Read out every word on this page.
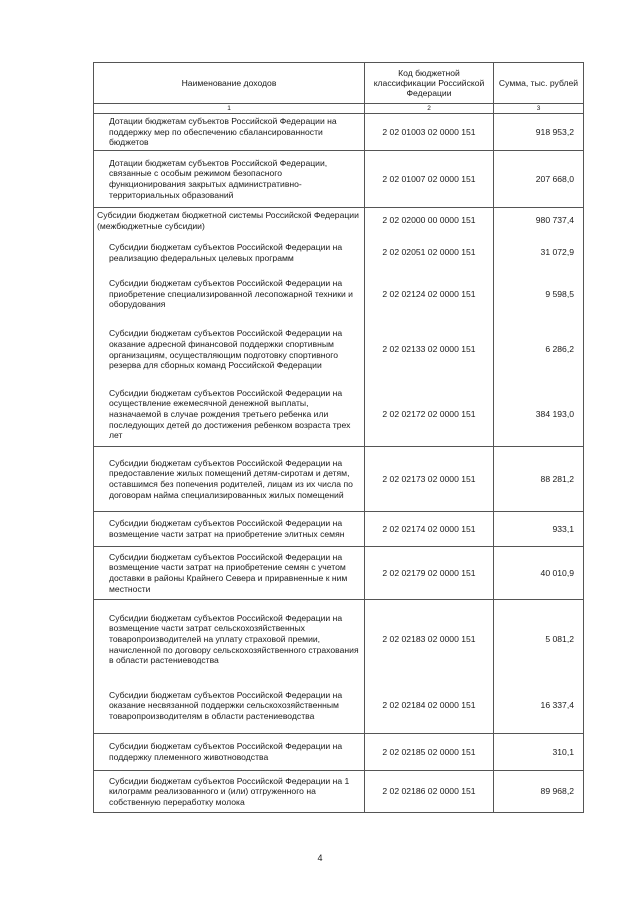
Наименование доходов	Код бюджетной классификации Российской Федерации	Сумма, тыс. рублей
1	2	3
Дотации бюджетам субъектов Российской Федерации на поддержку мер по обеспечению сбалансированности бюджетов	2 02 01003 02 0000 151	918 953,2
Дотации бюджетам субъектов Российской Федерации, связанные с особым режимом безопасного функционирования закрытых административно-территориальных образований	2 02 01007 02 0000 151	207 668,0
Субсидии бюджетам бюджетной системы Российской Федерации (межбюджетные субсидии)	2 02 02000 00 0000 151	980 737,4
Субсидии бюджетам субъектов Российской Федерации на реализацию федеральных целевых программ	2 02 02051 02 0000 151	31 072,9
Субсидии бюджетам субъектов Российской Федерации на приобретение специализированной лесопожарной техники и оборудования	2 02 02124 02 0000 151	9 598,5
Субсидии бюджетам субъектов Российской Федерации на оказание адресной финансовой поддержки спортивным организациям, осуществляющим подготовку спортивного резерва для сборных команд Российской Федерации	2 02 02133 02 0000 151	6 286,2
Субсидии бюджетам субъектов Российской Федерации на осуществление ежемесячной денежной выплаты, назначаемой в случае рождения третьего ребенка или последующих детей до достижения ребенком возраста трех лет	2 02 02172 02 0000 151	384 193,0
Субсидии бюджетам субъектов Российской Федерации на предоставление жилых помещений детям-сиротам и детям, оставшимся без попечения родителей, лицам из их числа по договорам найма специализированных жилых помещений	2 02 02173 02 0000 151	88 281,2
Субсидии бюджетам субъектов Российской Федерации на возмещение части затрат на приобретение элитных семян	2 02 02174 02 0000 151	933,1
Субсидии бюджетам субъектов Российской Федерации на возмещение части затрат на приобретение семян с учетом доставки в районы Крайнего Севера и приравненные к ним местности	2 02 02179 02 0000 151	40 010,9
Субсидии бюджетам субъектов Российской Федерации на возмещение части затрат сельскохозяйственных товаропроизводителей на уплату страховой премии, начисленной по договору сельскохозяйственного страхования в области растениеводства	2 02 02183 02 0000 151	5 081,2
Субсидии бюджетам субъектов Российской Федерации на оказание несвязанной поддержки сельскохозяйственным товаропроизводителям в области растениеводства	2 02 02184 02 0000 151	16 337,4
Субсидии бюджетам субъектов Российской Федерации на поддержку племенного животноводства	2 02 02185 02 0000 151	310,1
Субсидии бюджетам субъектов Российской Федерации на 1 килограмм реализованного и (или) отгруженного на собственную переработку молока	2 02 02186 02 0000 151	89 968,2
4
